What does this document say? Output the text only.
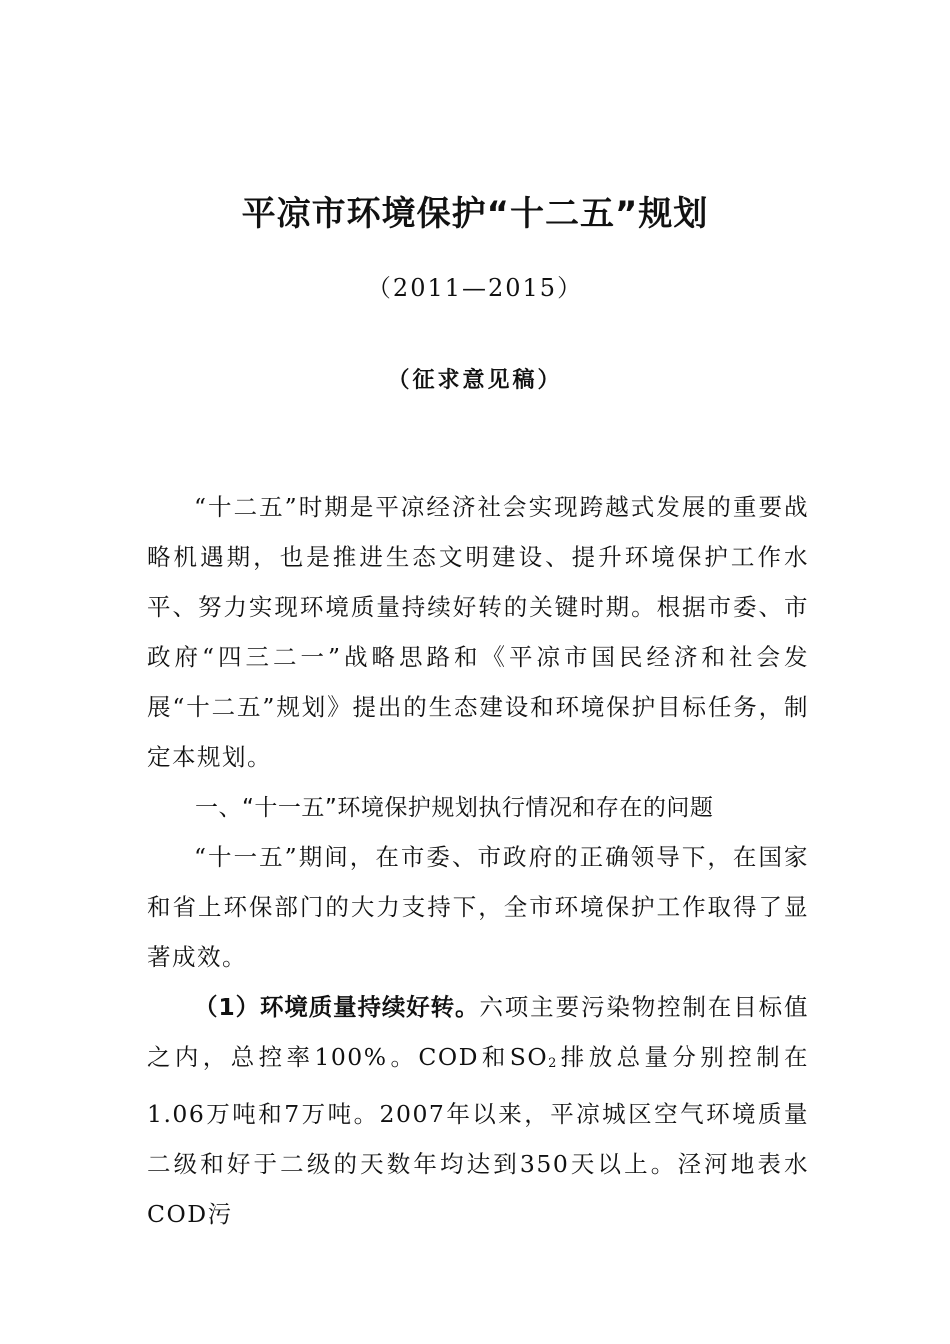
平凉市环境保护“十二五”规划
（2011—2015）
（征求意见稿）

“十二五”时期是平凉经济社会实现跨越式发展的重要战略机遇期，也是推进生态文明建设、提升环境保护工作水平、努力实现环境质量持续好转的关键时期。根据市委、市政府“四三二一”战略思路和《平凉市国民经济和社会发展“十二五”规划》提出的生态建设和环境保护目标任务，制定本规划。

一、“十一五”环境保护规划执行情况和存在的问题

“十一五”期间，在市委、市政府的正确领导下，在国家和省上环保部门的大力支持下，全市环境保护工作取得了显著成效。

（1）环境质量持续好转。六项主要污染物控制在目标值之内，总控率100%。COD和$SO_2$排放总量分别控制在1.06万吨和7万吨。2007年以来，平凉城区空气环境质量二级和好于二级的天数年均达到350天以上。泾河地表水COD污
